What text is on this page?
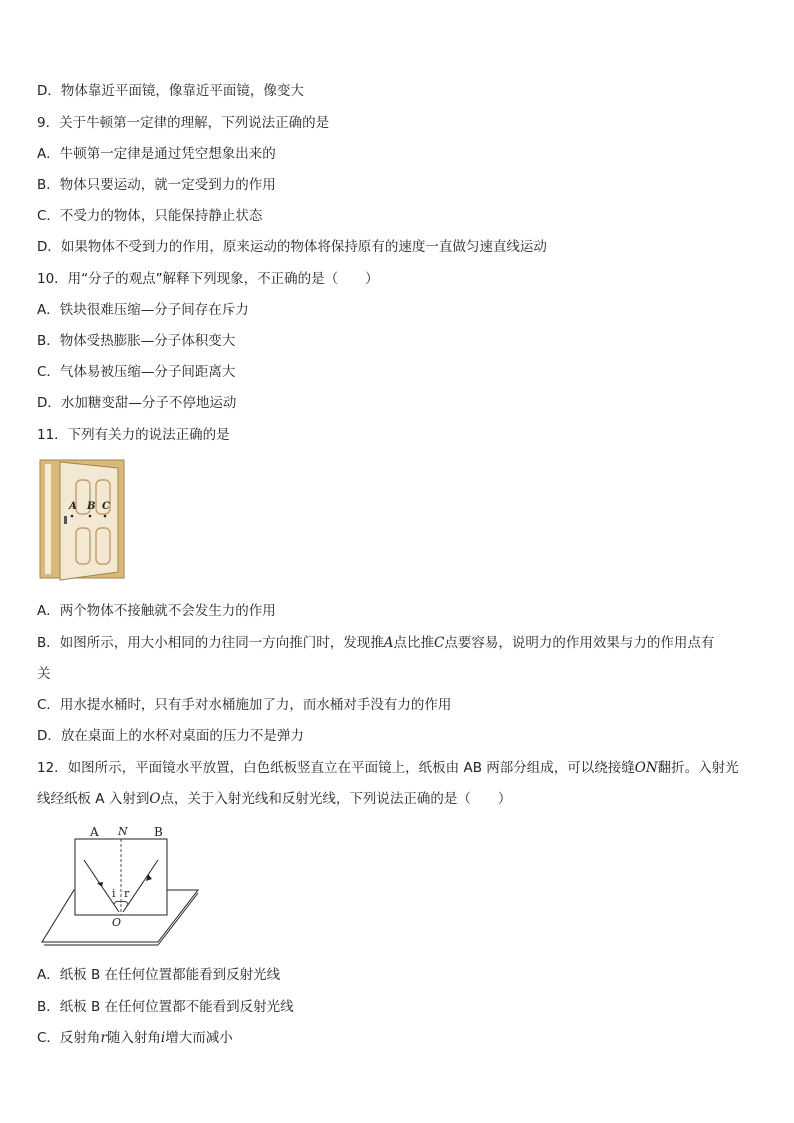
D．物体靠近平面镜，像靠近平面镜，像变大
9．关于牛顿第一定律的理解，下列说法正确的是
A．牛顿第一定律是通过凭空想象出来的
B．物体只要运动，就一定受到力的作用
C．不受力的物体，只能保持静止状态
D．如果物体不受到力的作用，原来运动的物体将保持原有的速度一直做匀速直线运动
10．用“分子的观点”解释下列现象，不正确的是（　　）
A．铁块很难压缩—分子间存在斥力
B．物体受热膨胀—分子体积变大
C．气体易被压缩—分子间距离大
D．水加糖变甜—分子不停地运动
11．下列有关力的说法正确的是
A B C
A．两个物体不接触就不会发生力的作用
B．如图所示，用大小相同的力往同一方向推门时，发现推A点比推C点要容易，说明力的作用效果与力的作用点有
关
C．用水提水桶时，只有手对水桶施加了力，而水桶对手没有力的作用
D．放在桌面上的水杯对桌面的压力不是弹力
12．如图所示，平面镜水平放置，白色纸板竖直立在平面镜上，纸板由 AB 两部分组成，可以绕接缝ON翻折。入射光
线经纸板 A 入射到O点，关于入射光线和反射光线，下列说法正确的是（　　）
A N B
i r
O
A．纸板 B 在任何位置都能看到反射光线
B．纸板 B 在任何位置都不能看到反射光线
C．反射角r随入射角i增大而减小
